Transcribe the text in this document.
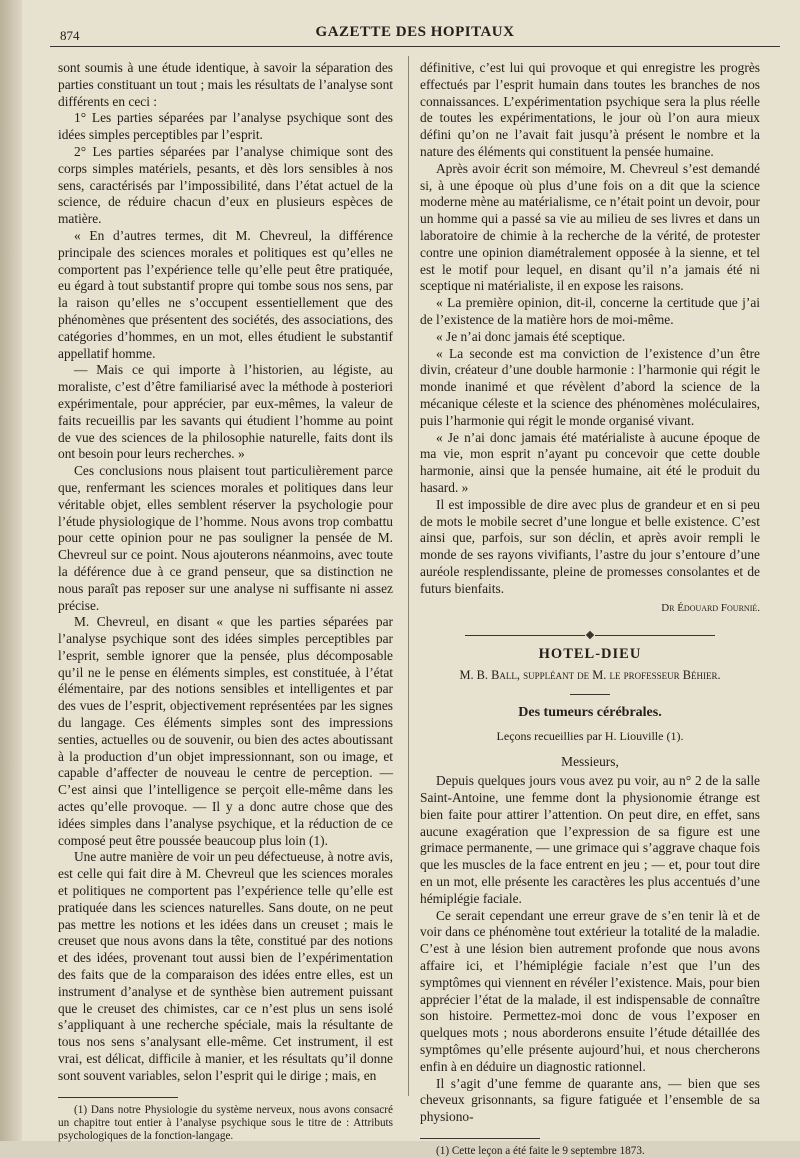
874	GAZETTE DES HOPITAUX

sont soumis à une étude identique, à savoir la séparation des parties constituant un tout ; mais les résultats de l’analyse sont différents en ceci :

1° Les parties séparées par l’analyse psychique sont des idées simples perceptibles par l’esprit.

2° Les parties séparées par l’analyse chimique sont des corps simples matériels, pesants, et dès lors sensibles à nos sens, caractérisés par l’impossibilité, dans l’état actuel de la science, de réduire chacun d’eux en plusieurs espèces de matière.

« En d’autres termes, dit M. Chevreul, la différence principale des sciences morales et politiques est qu’elles ne comportent pas l’expérience telle qu’elle peut être pratiquée, eu égard à tout substantif propre qui tombe sous nos sens, par la raison qu’elles ne s’occupent essentiellement que des phénomènes que présentent des sociétés, des associations, des catégories d’hommes, en un mot, elles étudient le substantif appellatif homme.

— Mais ce qui importe à l’historien, au légiste, au moraliste, c’est d’être familiarisé avec la méthode à posteriori expérimentale, pour apprécier, par eux-mêmes, la valeur de faits recueillis par les savants qui étudient l’homme au point de vue des sciences de la philosophie naturelle, faits dont ils ont besoin pour leurs recherches. »

Ces conclusions nous plaisent tout particulièrement parce que, renfermant les sciences morales et politiques dans leur véritable objet, elles semblent réserver la psychologie pour l’étude physiologique de l’homme. Nous avons trop combattu pour cette opinion pour ne pas souligner la pensée de M. Chevreul sur ce point. Nous ajouterons néanmoins, avec toute la déférence due à ce grand penseur, que sa distinction ne nous paraît pas reposer sur une analyse ni suffisante ni assez précise.

M. Chevreul, en disant « que les parties séparées par l’analyse psychique sont des idées simples perceptibles par l’esprit, semble ignorer que la pensée, plus décomposable qu’il ne le pense en éléments simples, est constituée, à l’état élémentaire, par des notions sensibles et intelligentes et par des vues de l’esprit, objectivement représentées par les signes du langage. Ces éléments simples sont des impressions senties, actuelles ou de souvenir, ou bien des actes aboutissant à la production d’un objet impressionnant, son ou image, et capable d’affecter de nouveau le centre de perception. — C’est ainsi que l’intelligence se perçoit elle-même dans les actes qu’elle provoque. — Il y a donc autre chose que des idées simples dans l’analyse psychique, et la réduction de ce composé peut être poussée beaucoup plus loin (1).

Une autre manière de voir un peu défectueuse, à notre avis, est celle qui fait dire à M. Chevreul que les sciences morales et politiques ne comportent pas l’expérience telle qu’elle est pratiquée dans les sciences naturelles. Sans doute, on ne peut pas mettre les notions et les idées dans un creuset ; mais le creuset que nous avons dans la tête, constitué par des notions et des idées, provenant tout aussi bien de l’expérimentation des faits que de la comparaison des idées entre elles, est un instrument d’analyse et de synthèse bien autrement puissant que le creuset des chimistes, car ce n’est plus un sens isolé s’appliquant à une recherche spéciale, mais la résultante de tous nos sens s’analysant elle-même. Cet instrument, il est vrai, est délicat, difficile à manier, et les résultats qu’il donne sont souvent variables, selon l’esprit qui le dirige ; mais, en

(1) Dans notre Physiologie du système nerveux, nous avons consacré un chapitre tout entier à l’analyse psychique sous le titre de : Attributs psychologiques de la fonction-langage.

définitive, c’est lui qui provoque et qui enregistre les progrès effectués par l’esprit humain dans toutes les branches de nos connaissances. L’expérimentation psychique sera la plus réelle de toutes les expérimentations, le jour où l’on aura mieux défini qu’on ne l’avait fait jusqu’à présent le nombre et la nature des éléments qui constituent la pensée humaine.

Après avoir écrit son mémoire, M. Chevreul s’est demandé si, à une époque où plus d’une fois on a dit que la science moderne mène au matérialisme, ce n’était point un devoir, pour un homme qui a passé sa vie au milieu de ses livres et dans un laboratoire de chimie à la recherche de la vérité, de protester contre une opinion diamétralement opposée à la sienne, et tel est le motif pour lequel, en disant qu’il n’a jamais été ni sceptique ni matérialiste, il en expose les raisons.

« La première opinion, dit-il, concerne la certitude que j’ai de l’existence de la matière hors de moi-même.

« Je n’ai donc jamais été sceptique.

« La seconde est ma conviction de l’existence d’un être divin, créateur d’une double harmonie : l’harmonie qui régit le monde inanimé et que révèlent d’abord la science de la mécanique céleste et la science des phénomènes moléculaires, puis l’harmonie qui régit le monde organisé vivant.

« Je n’ai donc jamais été matérialiste à aucune époque de ma vie, mon esprit n’ayant pu concevoir que cette double harmonie, ainsi que la pensée humaine, ait été le produit du hasard. »

Il est impossible de dire avec plus de grandeur et en si peu de mots le mobile secret d’une longue et belle existence. C’est ainsi que, parfois, sur son déclin, et après avoir rempli le monde de ses rayons vivifiants, l’astre du jour s’entoure d’une auréole resplendissante, pleine de promesses consolantes et de futurs bienfaits.

Dr Édouard Fournié.
HOTEL-DIEU
M. B. Ball, suppléant de M. le professeur Béhier.
Des tumeurs cérébrales.
Leçons recueillies par H. Liouville (1).
Messieurs,

Depuis quelques jours vous avez pu voir, au n° 2 de la salle Saint-Antoine, une femme dont la physionomie étrange est bien faite pour attirer l’attention. On peut dire, en effet, sans aucune exagération que l’expression de sa figure est une grimace permanente, — une grimace qui s’aggrave chaque fois que les muscles de la face entrent en jeu ; — et, pour tout dire en un mot, elle présente les caractères les plus accentués d’une hémiplégie faciale.

Ce serait cependant une erreur grave de s’en tenir là et de voir dans ce phénomène tout extérieur la totalité de la maladie. C’est à une lésion bien autrement profonde que nous avons affaire ici, et l’hémiplégie faciale n’est que l’un des symptômes qui viennent en révéler l’existence. Mais, pour bien apprécier l’état de la malade, il est indispensable de connaître son histoire. Permettez-moi donc de vous l’exposer en quelques mots ; nous aborderons ensuite l’étude détaillée des symptômes qu’elle présente aujourd’hui, et nous chercherons enfin à en déduire un diagnostic rationnel.

Il s’agit d’une femme de quarante ans, — bien que ses cheveux grisonnants, sa figure fatiguée et l’ensemble de sa physiono-

(1) Cette leçon a été faite le 9 septembre 1873.
